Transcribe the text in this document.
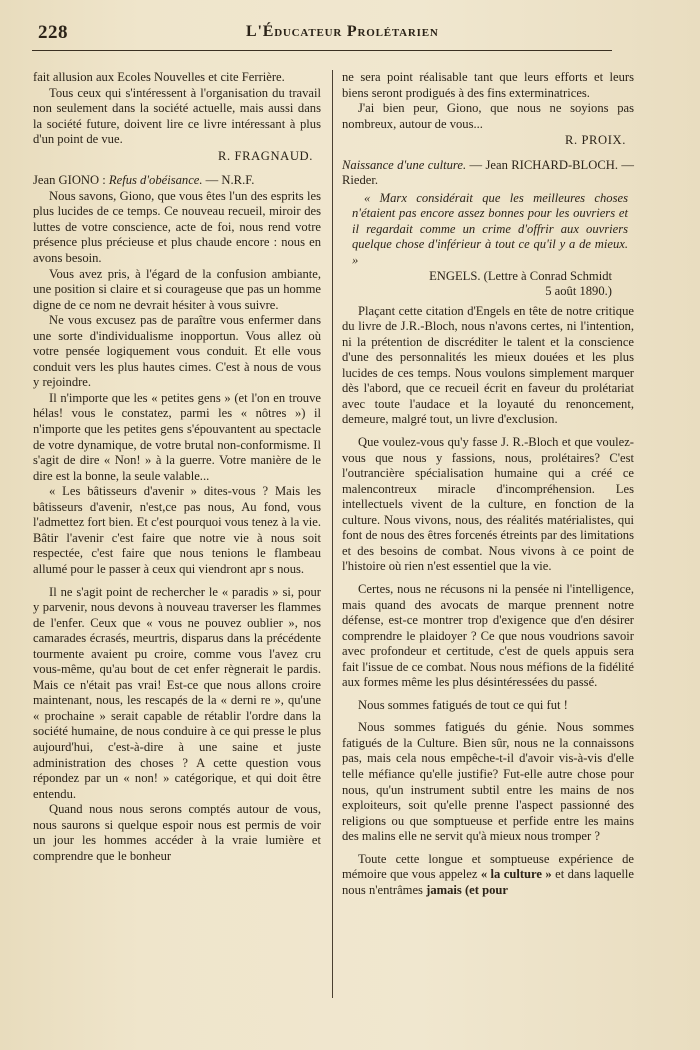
228	L'Éducateur Prolétarien

fait allusion aux Ecoles Nouvelles et cite Ferrière.

Tous ceux qui s'intéressent à l'organisation du travail non seulement dans la société actuelle, mais aussi dans la société future, doivent lire ce livre intéressant à plus d'un point de vue.

R. FRAGNAUD.

Jean GIONO : Refus d'obéisance. — N.R.F.

Nous savons, Giono, que vous êtes l'un des esprits les plus lucides de ce temps. Ce nouveau recueil, miroir des luttes de votre conscience, acte de foi, nous rend votre présence plus précieuse et plus chaude encore : nous en avons besoin.

Vous avez pris, à l'égard de la confusion ambiante, une position si claire et si courageuse que pas un homme digne de ce nom ne devrait hésiter à vous suivre.

Ne vous excusez pas de paraître vous enfermer dans une sorte d'individualisme inopportun. Vous allez où votre pensée logiquement vous conduit. Et elle vous conduit vers les plus hautes cimes. C'est à nous de vous y rejoindre.

Il n'importe que les « petites gens » (et l'on en trouve hélas! vous le constatez, parmi les « nôtres ») il n'importe que les petites gens s'épouvantent au spectacle de votre dynamique, de votre brutal non-conformisme. Il s'agit de dire « Non! » à la guerre. Votre manière de le dire est la bonne, la seule valable...

« Les bâtisseurs d'avenir » dites-vous ? Mais les bâtisseurs d'avenir, n'est,ce pas nous, Au fond, vous l'admettez fort bien. Et c'est pourquoi vous tenez à la vie. Bâtir l'avenir c'est faire que notre vie à nous soit respectée, c'est faire que nous tenions le flambeau allumé pour le passer à ceux qui viendront apr s nous.

Il ne s'agit point de rechercher le « paradis » si, pour y parvenir, nous devons à nouveau traverser les flammes de l'enfer. Ceux que « vous ne pouvez oublier », nos camarades écrasés, meurtris, disparus dans la précédente tourmente avaient pu croire, comme vous l'avez cru vous-même, qu'au bout de cet enfer règnerait le pardis. Mais ce n'était pas vrai! Est-ce que nous allons croire maintenant, nous, les rescapés de la « derni re », qu'une « prochaine » serait capable de rétablir l'ordre dans la société humaine, de nous conduire à ce qui presse le plus aujourd'hui, c'est-à-dire à une saine et juste administration des choses ? A cette question vous répondez par un « non! » catégorique, et qui doit être entendu.

Quand nous nous serons comptés autour de vous, nous saurons si quelque espoir nous est permis de voir un jour les hommes accéder à la vraie lumière et comprendre que le bonheur

ne sera point réalisable tant que leurs efforts et leurs biens seront prodigués à des fins exterminatrices.

J'ai bien peur, Giono, que nous ne soyions pas nombreux, autour de vous...

R. PROIX.

Naissance d'une culture. — Jean RICHARD-BLOCH. — Rieder.

« Marx considérait que les meilleures choses n'étaient pas encore assez bonnes pour les ouvriers et il regardait comme un crime d'offrir aux ouvriers quelque chose d'inférieur à tout ce qu'il y a de mieux. »

ENGELS. (Lettre à Conrad Schmidt
5 août 1890.)

Plaçant cette citation d'Engels en tête de notre critique du livre de J.R.-Bloch, nous n'avons certes, ni l'intention, ni la prétention de discréditer le talent et la conscience d'une des personnalités les mieux douées et les plus lucides de ces temps. Nous voulons simplement marquer dès l'abord, que ce recueil écrit en faveur du prolétariat avec toute l'audace et la loyauté du renoncement, demeure, malgré tout, un livre d'exclusion.

Que voulez-vous qu'y fasse J. R.-Bloch et que voulez-vous que nous y fassions, nous, prolétaires? C'est l'outrancière spécialisation humaine qui a créé ce malencontreux miracle d'incompréhension. Les intellectuels vivent de la culture, en fonction de la culture. Nous vivons, nous, des réalités matérialistes, qui font de nous des êtres forcenés étreints par des limitations et des besoins de combat. Nous vivons à ce point de l'histoire où rien n'est essentiel que la vie.

Certes, nous ne récusons ni la pensée ni l'intelligence, mais quand des avocats de marque prennent notre défense, est-ce montrer trop d'exigence que d'en désirer comprendre le plaidoyer ? Ce que nous voudrions savoir avec profondeur et certitude, c'est de quels appuis sera fait l'issue de ce combat. Nous nous méfions de la fidélité aux formes même les plus désintéressées du passé.

Nous sommes fatigués de tout ce qui fut !

Nous sommes fatigués du génie. Nous sommes fatigués de la Culture. Bien sûr, nous ne la connaissons pas, mais cela nous empêche-t-il d'avoir vis-à-vis d'elle telle méfiance qu'elle justifie? Fut-elle autre chose pour nous, qu'un instrument subtil entre les mains de nos exploiteurs, soit qu'elle prenne l'aspect passionné des religions ou que somptueuse et perfide entre les mains des malins elle ne servit qu'à mieux nous tromper ?

Toute cette longue et somptueuse expérience de mémoire que vous appelez « la culture » et dans laquelle nous n'entrâmes jamais (et pour
